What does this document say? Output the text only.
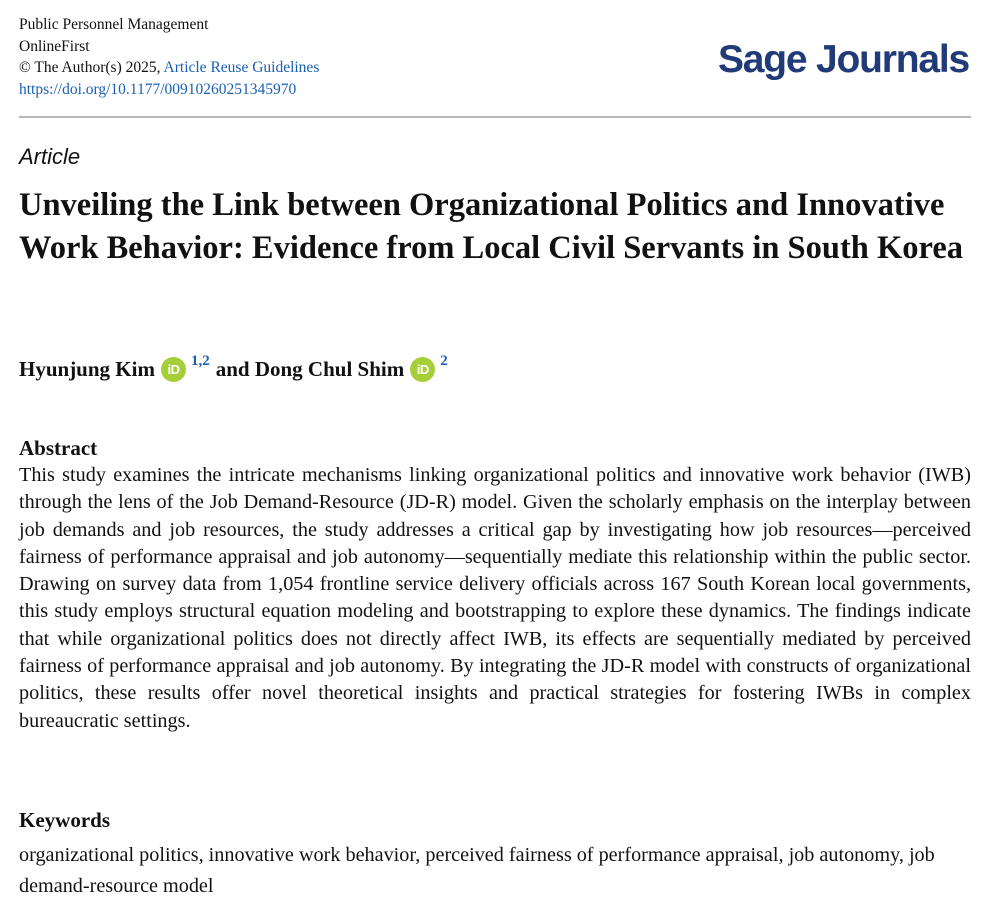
Public Personnel Management
OnlineFirst
© The Author(s) 2025, Article Reuse Guidelines
https://doi.org/10.1177/00910260251345970
Sage Journals
Article
Unveiling the Link between Organizational Politics and Innovative Work Behavior: Evidence from Local Civil Servants in South Korea
Hyunjung Kim iD
1,2 and
Dong Chul Shim iD
2
Abstract

This study examines the intricate mechanisms linking organizational politics and innovative work behavior (IWB) through the lens of the Job Demand-Resource (JD-R) model. Given the scholarly emphasis on the interplay between job demands and job resources, the study addresses a critical gap by investigating how job resources—perceived fairness of performance appraisal and job autonomy—sequentially mediate this relationship within the public sector. Drawing on survey data from 1,054 frontline service delivery officials across 167 South Korean local governments, this study employs structural equation modeling and bootstrapping to explore these dynamics. The findings indicate that while organizational politics does not directly affect IWB, its effects are sequentially mediated by perceived fairness of performance appraisal and job autonomy. By integrating the JD-R model with constructs of organizational politics, these results offer novel theoretical insights and practical strategies for fostering IWBs in complex bureaucratic settings.

Keywords

organizational politics, innovative work behavior, perceived fairness of performance appraisal, job autonomy, job demand-resource model
